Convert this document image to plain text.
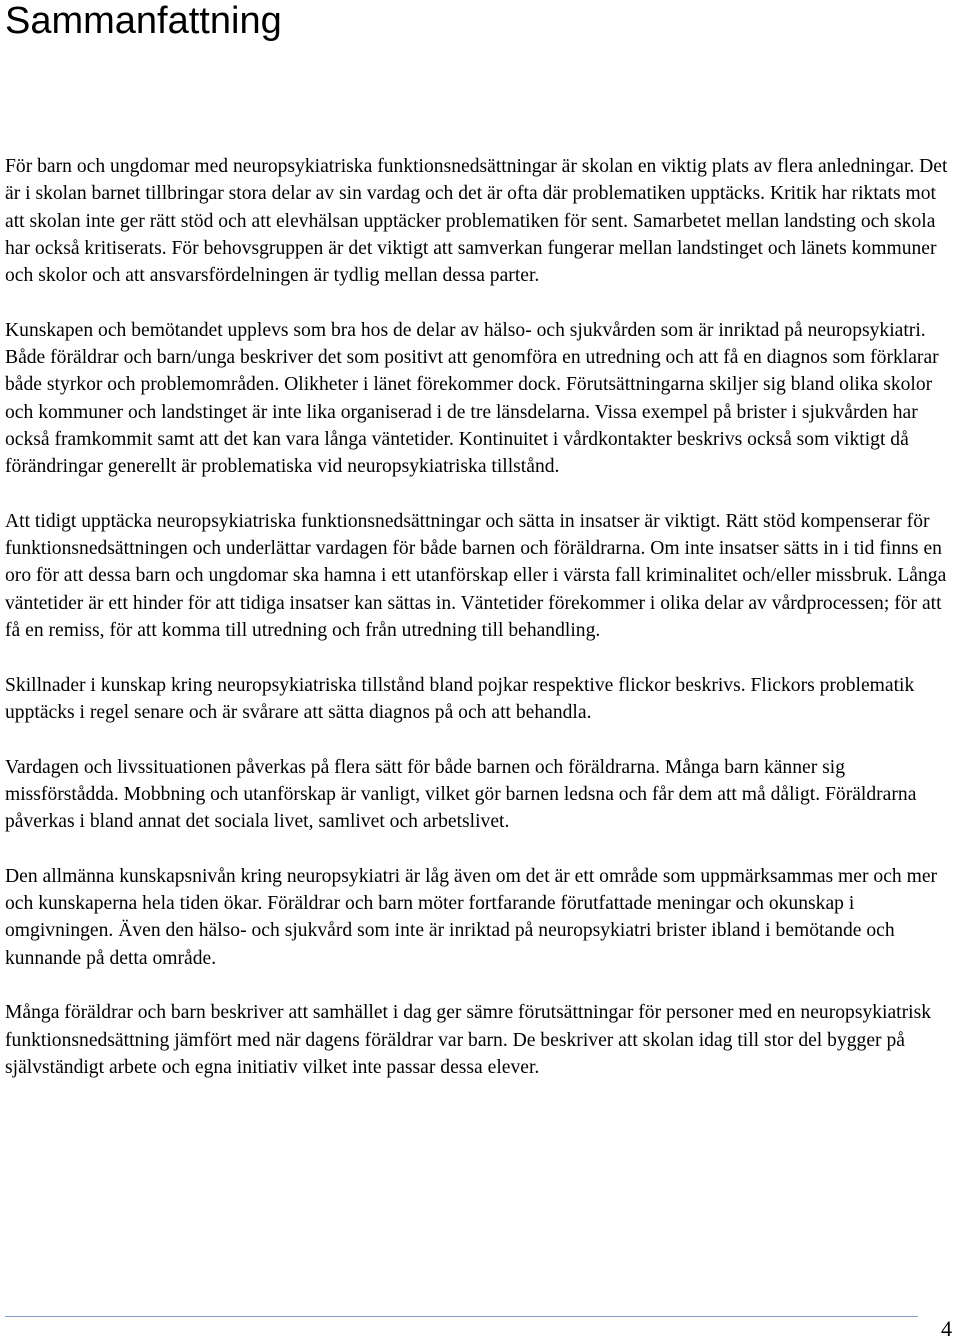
Sammanfattning

För barn och ungdomar med neuropsykiatriska funktionsnedsättningar är skolan en viktig plats av flera anledningar. Det är i skolan barnet tillbringar stora delar av sin vardag och det är ofta där problematiken upptäcks. Kritik har riktats mot att skolan inte ger rätt stöd och att elevhälsan upptäcker problematiken för sent. Samarbetet mellan landsting och skola har också kritiserats. För behovsgruppen är det viktigt att samverkan fungerar mellan landstinget och länets kommuner och skolor och att ansvarsfördelningen är tydlig mellan dessa parter.

Kunskapen och bemötandet upplevs som bra hos de delar av hälso- och sjukvården som är inriktad på neuropsykiatri. Både föräldrar och barn/unga beskriver det som positivt att genomföra en utredning och att få en diagnos som förklarar både styrkor och problemområden. Olikheter i länet förekommer dock. Förutsättningarna skiljer sig bland olika skolor och kommuner och landstinget är inte lika organiserad i de tre länsdelarna. Vissa exempel på brister i sjukvården har också framkommit samt att det kan vara långa väntetider. Kontinuitet i vårdkontakter beskrivs också som viktigt då förändringar generellt är problematiska vid neuropsykiatriska tillstånd.

Att tidigt upptäcka neuropsykiatriska funktionsnedsättningar och sätta in insatser är viktigt. Rätt stöd kompenserar för funktionsnedsättningen och underlättar vardagen för både barnen och föräldrarna. Om inte insatser sätts in i tid finns en oro för att dessa barn och ungdomar ska hamna i ett utanförskap eller i värsta fall kriminalitet och/eller missbruk. Långa väntetider är ett hinder för att tidiga insatser kan sättas in. Väntetider förekommer i olika delar av vårdprocessen; för att få en remiss, för att komma till utredning och från utredning till behandling.

Skillnader i kunskap kring neuropsykiatriska tillstånd bland pojkar respektive flickor beskrivs. Flickors problematik upptäcks i regel senare och är svårare att sätta diagnos på och att behandla.

Vardagen och livssituationen påverkas på flera sätt för både barnen och föräldrarna. Många barn känner sig missförstådda. Mobbning och utanförskap är vanligt, vilket gör barnen ledsna och får dem att må dåligt. Föräldrarna påverkas i bland annat det sociala livet, samlivet och arbetslivet.

Den allmänna kunskapsnivån kring neuropsykiatri är låg även om det är ett område som uppmärksammas mer och mer och kunskaperna hela tiden ökar. Föräldrar och barn möter fortfarande förutfattade meningar och okunskap i omgivningen. Även den hälso- och sjukvård som inte är inriktad på neuropsykiatri brister ibland i bemötande och kunnande på detta område.

Många föräldrar och barn beskriver att samhället i dag ger sämre förutsättningar för personer med en neuropsykiatrisk funktionsnedsättning jämfört med när dagens föräldrar var barn. De beskriver att skolan idag till stor del bygger på självständigt arbete och egna initiativ vilket inte passar dessa elever.

4
